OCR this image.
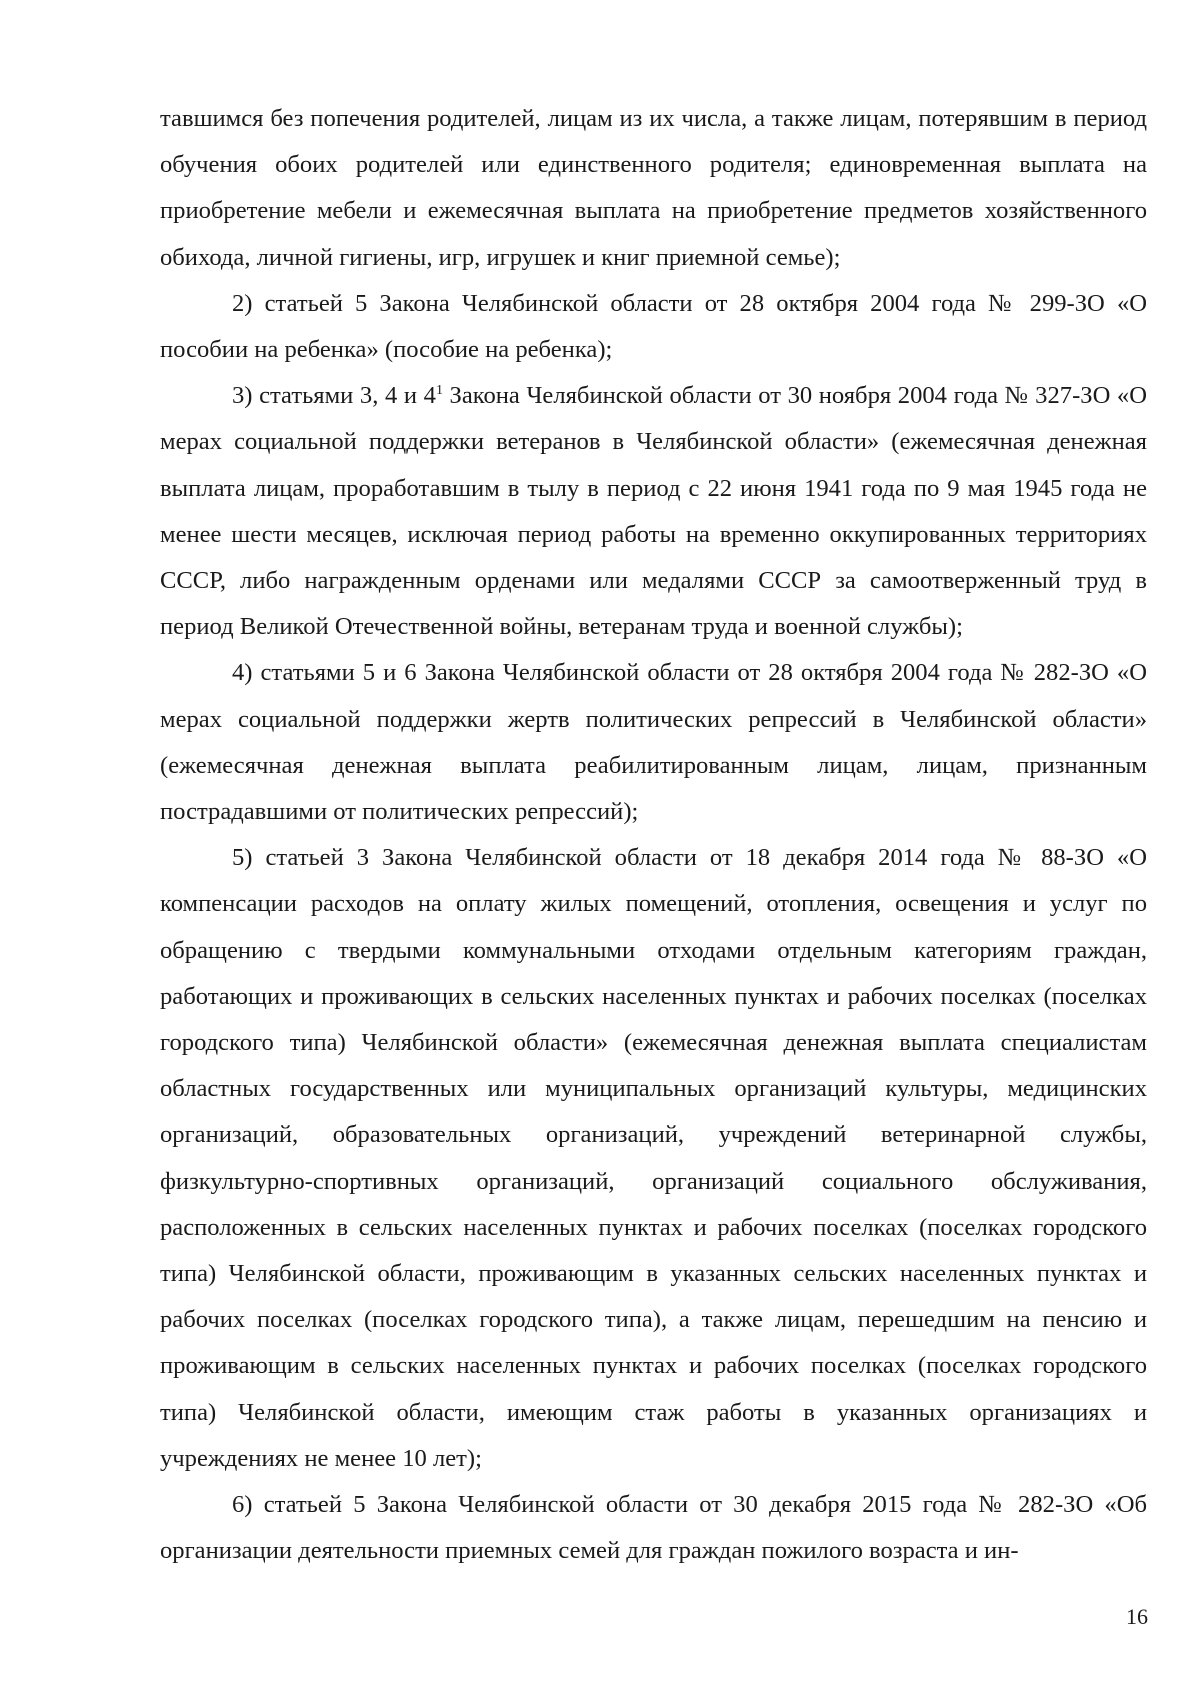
тавшимся без попечения родителей, лицам из их числа, а также лицам, потерявшим в период обучения обоих родителей или единственного родителя; единовременная выплата на приобретение мебели и ежемесячная выплата на приобретение предметов хозяйственного обихода, личной гигиены, игр, игрушек и книг приемной семье);

2) статьей 5 Закона Челябинской области от 28 октября 2004 года № 299-ЗО «О пособии на ребенка» (пособие на ребенка);

3) статьями 3, 4 и $4^1$ Закона Челябинской области от 30 ноября 2004 года № 327-ЗО «О мерах социальной поддержки ветеранов в Челябинской области» (ежемесячная денежная выплата лицам, проработавшим в тылу в период с 22 июня 1941 года по 9 мая 1945 года не менее шести месяцев, исключая период работы на временно оккупированных территориях СССР, либо награжденным орденами или медалями СССР за самоотверженный труд в период Великой Отечественной войны, ветеранам труда и военной службы);

4) статьями 5 и 6 Закона Челябинской области от 28 октября 2004 года № 282-ЗО «О мерах социальной поддержки жертв политических репрессий в Челябинской области» (ежемесячная денежная выплата реабилитированным лицам, лицам, признанным пострадавшими от политических репрессий);

5) статьей 3 Закона Челябинской области от 18 декабря 2014 года № 88-ЗО «О компенсации расходов на оплату жилых помещений, отопления, освещения и услуг по обращению с твердыми коммунальными отходами отдельным категориям граждан, работающих и проживающих в сельских населенных пунктах и рабочих поселках (поселках городского типа) Челябинской области» (ежемесячная денежная выплата специалистам областных государственных или муниципальных организаций культуры, медицинских организаций, образовательных организаций, учреждений ветеринарной службы, физкультурно-спортивных организаций, организаций социального обслуживания, расположенных в сельских населенных пунктах и рабочих поселках (поселках городского типа) Челябинской области, проживающим в указанных сельских населенных пунктах и рабочих поселках (поселках городского типа), а также лицам, перешедшим на пенсию и проживающим в сельских населенных пунктах и рабочих поселках (поселках городского типа) Челябинской области, имеющим стаж работы в указанных организациях и учреждениях не менее 10 лет);

6) статьей 5 Закона Челябинской области от 30 декабря 2015 года № 282-ЗО «Об организации деятельности приемных семей для граждан пожилого возраста и ин-

16
